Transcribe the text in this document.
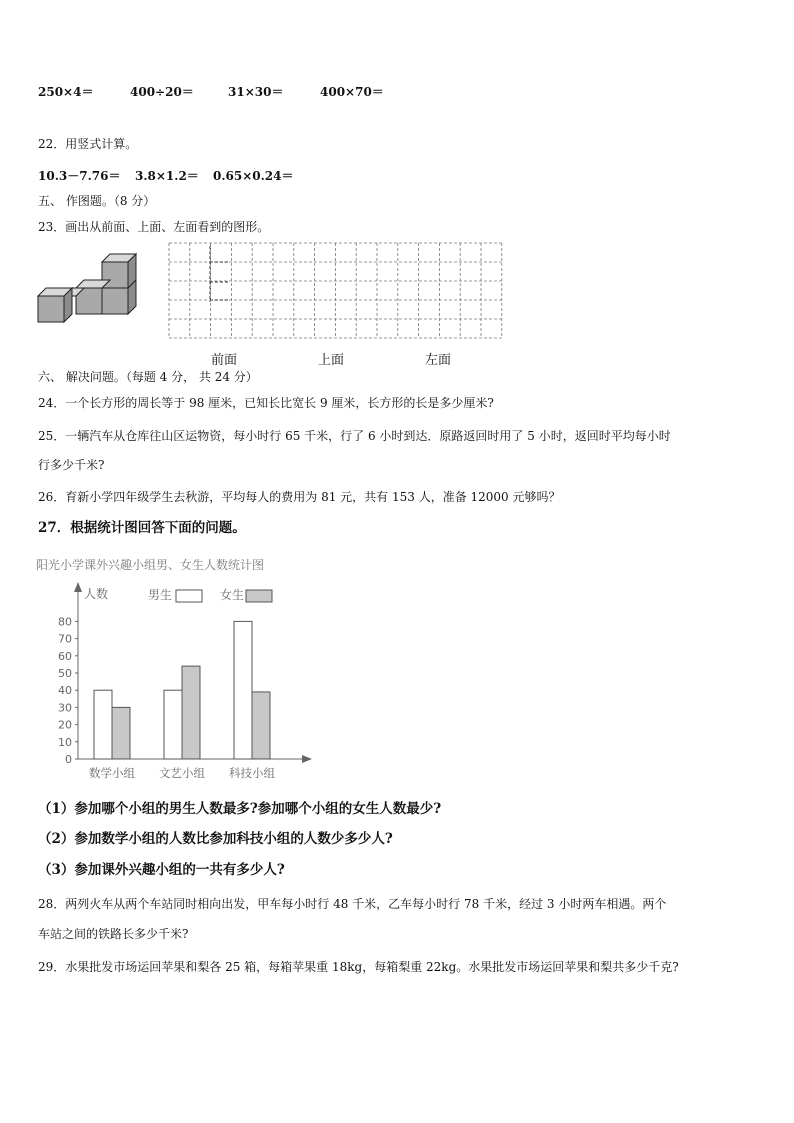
250×4＝	400÷20＝	31×30＝	400×70＝
22．用竖式计算。
10.3－7.76＝ 3.8×1.2＝ 0.65×0.24＝
五、 作图题。（8 分）
23．画出从前面、上面、左面看到的图形。
前面	上面	左面
六、 解决问题。（每题 4 分， 共 24 分）
24．一个长方形的周长等于 98 厘米，已知长比宽长 9 厘米，长方形的长是多少厘米?
25．一辆汽车从仓库往山区运物资，每小时行 65 千米，行了 6 小时到达．原路返回时用了 5 小时，返回时平均每小时
行多少千米?
26．育新小学四年级学生去秋游，平均每人的费用为 81 元，共有 153 人，准备 12000 元够吗？
27．根据统计图回答下面的问题。
阳光小学课外兴趣小组男、女生人数统计图
人数
0
10
20
30
40
50
60
70
80
男生	女生
数学小组 文艺小组 科技小组
（1）参加哪个小组的男生人数最多?参加哪个小组的女生人数最少?
（2）参加数学小组的人数比参加科技小组的人数少多少人?
（3）参加课外兴趣小组的一共有多少人?
28．两列火车从两个车站同时相向出发，甲车每小时行 48 千米，乙车每小时行 78 千米，经过 3 小时两车相遇。两个
车站之间的铁路长多少千米?
29．水果批发市场运回苹果和梨各 25 箱，每箱苹果重 18kg，每箱梨重 22kg。水果批发市场运回苹果和梨共多少千克?
